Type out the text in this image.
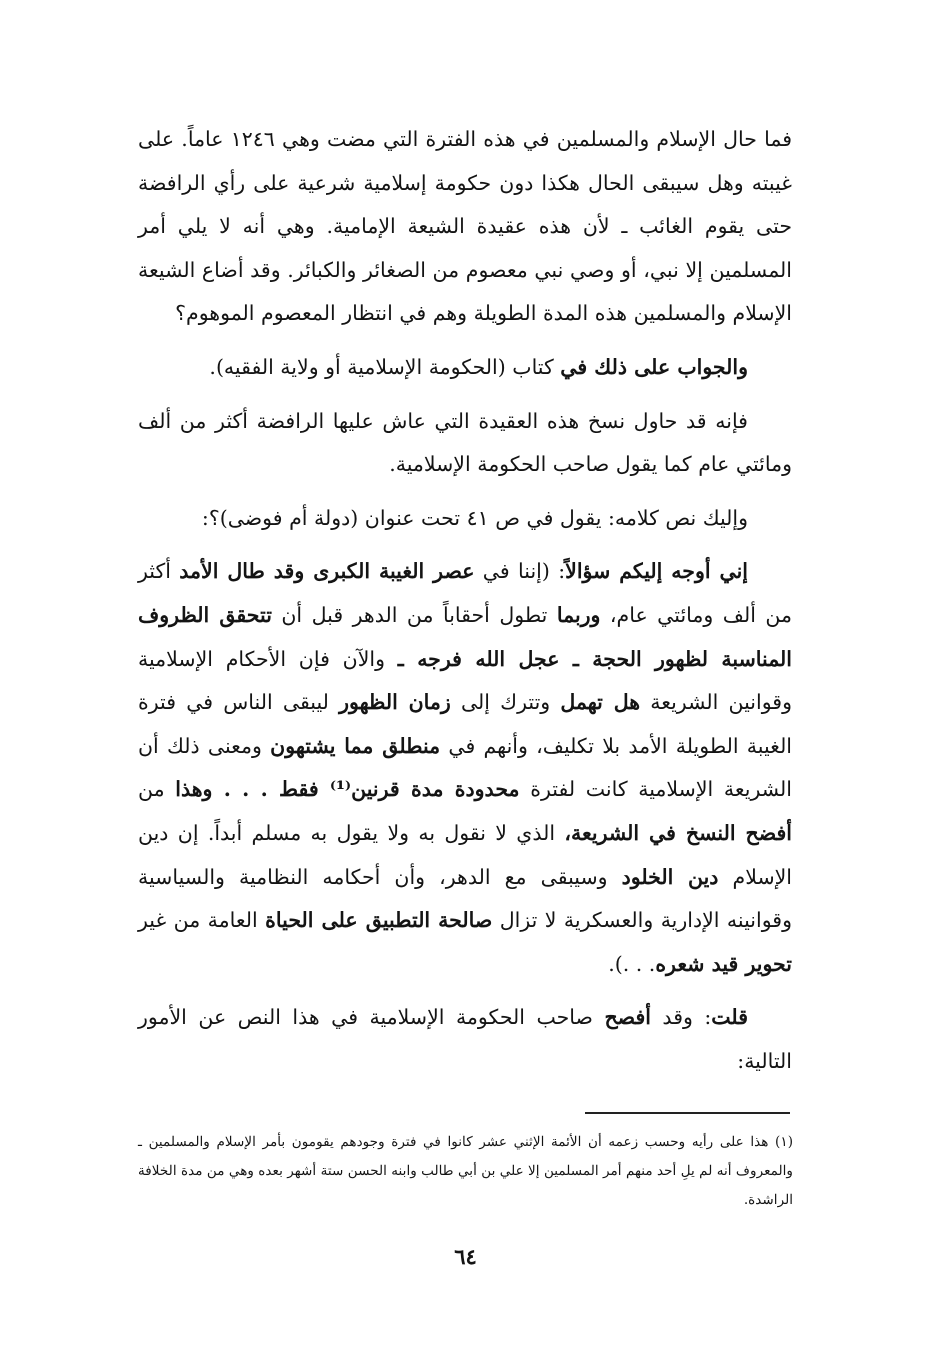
فما حال الإسلام والمسلمين في هذه الفترة التي مضت وهي ١٢٤٦ عاماً. على غيبته وهل سيبقى الحال هكذا دون حكومة إسلامية شرعية على رأي الرافضة حتى يقوم الغائب ـ لأن هذه عقيدة الشيعة الإمامية. وهي أنه لا يلي أمر المسلمين إلا نبي، أو وصي نبي معصوم من الصغائر والكبائر. وقد أضاع الشيعة الإسلام والمسلمين هذه المدة الطويلة وهم في انتظار المعصوم الموهوم؟

والجواب على ذلك في كتاب (الحكومة الإسلامية أو ولاية الفقيه).

فإنه قد حاول نسخ هذه العقيدة التي عاش عليها الرافضة أكثر من ألف ومائتي عام كما يقول صاحب الحكومة الإسلامية.

وإليك نص كلامه: يقول في ص ٤١ تحت عنوان (دولة أم فوضى)؟:

إني أوجه إليكم سؤالاً: (إننا في عصر الغيبة الكبرى وقد طال الأمد أكثر من ألف ومائتي عام، وربما تطول أحقاباً من الدهر قبل أن تتحقق الظروف المناسبة لظهور الحجة ـ عجل الله فرجه ـ والآن فإن الأحكام الإسلامية وقوانين الشريعة هل تهمل وتترك إلى زمان الظهور ليبقى الناس في فترة الغيبة الطويلة الأمد بلا تكليف، وأنهم في منطلق مما يشتهون ومعنى ذلك أن الشريعة الإسلامية كانت لفترة محدودة مدة قرنين⁽¹⁾ فقط . . . وهذا من أفضح النسخ في الشريعة، الذي لا نقول به ولا يقول به مسلم أبداً. إن دين الإسلام دين الخلود وسيبقى مع الدهر، وأن أحكامه النظامية والسياسية وقوانينه الإدارية والعسكرية لا تزال صالحة التطبيق على الحياة العامة من غير تحوير قيد شعره. . .).

قلت: وقد أفصح صاحب الحكومة الإسلامية في هذا النص عن الأمور التالية:

(١) هذا على رأيه وحسب زعمه أن الأئمة الإثني عشر كانوا في فترة وجودهم يقومون بأمر الإسلام والمسلمين ـ والمعروف أنه لم يلِ أحد منهم أمر المسلمين إلا علي بن أبي طالب وابنه الحسن ستة أشهر بعده وهي من مدة الخلافة الراشدة.
٦٤
